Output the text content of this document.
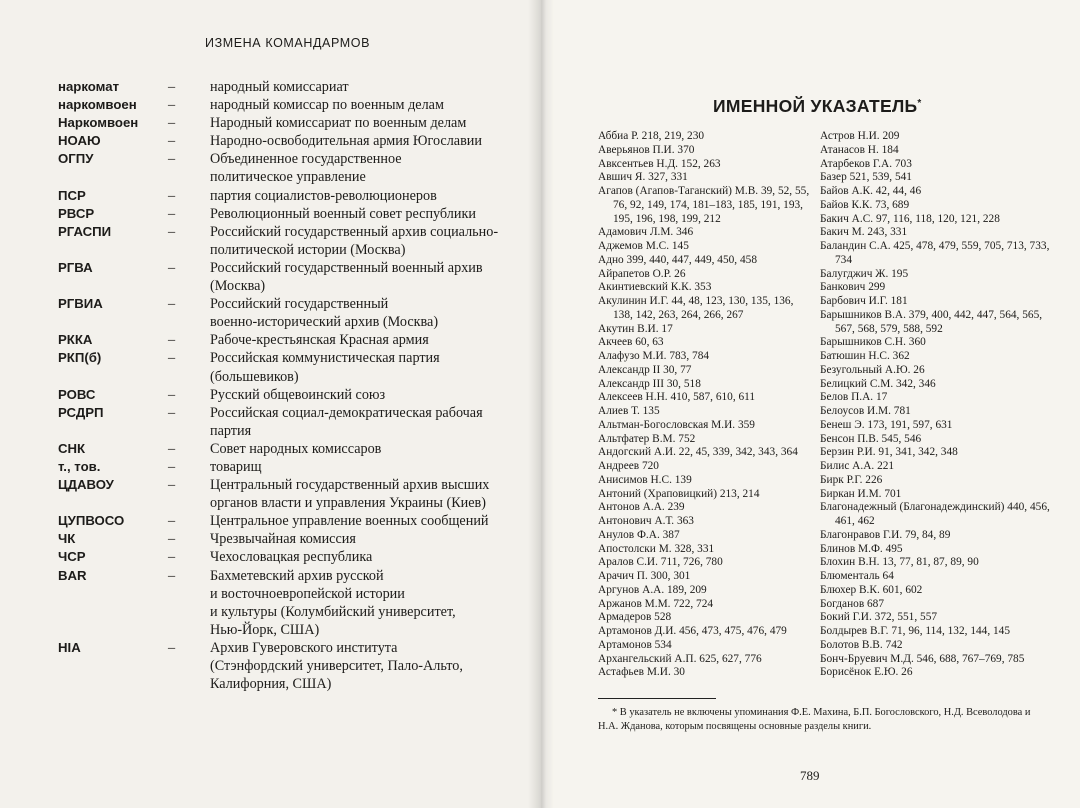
ИЗМЕНА КОМАНДАРМОВ
наркомат	–	народный комиссариат
наркомвоен	–	народный комиссар по военным делам
Наркомвоен	–	Народный комиссариат по военным делам
НОАЮ	–	Народно-освободительная армия Югославии
ОГПУ	–	Объединенное государственное
политическое управление
ПСР	–	партия социалистов-революционеров
РВСР	–	Революционный военный совет республики
РГАСПИ	–	Российский государственный архив социально-
политической истории (Москва)
РГВА	–	Российский государственный военный архив
(Москва)
РГВИА	–	Российский государственный
военно-исторический архив (Москва)
РККА	–	Рабоче-крестьянская Красная армия
РКП(б)	–	Российская коммунистическая партия
(большевиков)
РОВС	–	Русский общевоинский союз
РСДРП	–	Российская социал-демократическая рабочая
партия
СНК	–	Совет народных комиссаров
т., тов.	–	товарищ
ЦДАВОУ	–	Центральный государственный архив высших
органов власти и управления Украины (Киев)
ЦУПВОСО	–	Центральное управление военных сообщений
ЧК	–	Чрезвычайная комиссия
ЧСР	–	Чехословацкая республика
BAR	–	Бахметевский архив русской
и восточноевропейской истории
и культуры (Колумбийский университет,
Нью-Йорк, США)
HIA	–	Архив Гуверовского института
(Стэнфордский университет, Пало-Альто,
Калифорния, США)
ИМЕННОЙ УКАЗАТЕЛЬ*
Аббиа Р. 218, 219, 230
Аверьянов П.И. 370
Авксентьев Н.Д. 152, 263
Авшич Я. 327, 331
Агапов (Агапов-Таганский) М.В. 39, 52, 55, 76, 92, 149, 174, 181–183, 185, 191, 193, 195, 196, 198, 199, 212
Адамович Л.М. 346
Аджемов М.С. 145
Адно 399, 440, 447, 449, 450, 458
Айрапетов О.Р. 26
Акинтиевский К.К. 353
Акулинин И.Г. 44, 48, 123, 130, 135, 136, 138, 142, 263, 264, 266, 267
Акутин В.И. 17
Акчеев 60, 63
Алафузо М.И. 783, 784
Александр II 30, 77
Александр III 30, 518
Алексеев Н.Н. 410, 587, 610, 611
Алиев Т. 135
Альтман-Богословская М.И. 359
Альтфатер В.М. 752
Андогский А.И. 22, 45, 339, 342, 343, 364
Андреев 720
Анисимов Н.С. 139
Антоний (Храповицкий) 213, 214
Антонов А.А. 239
Антонович А.Т. 363
Анулов Ф.А. 387
Апостолски М. 328, 331
Аралов С.И. 711, 726, 780
Арачич П. 300, 301
Аргунов А.А. 189, 209
Аржанов М.М. 722, 724
Армадеров 528
Артамонов Д.И. 456, 473, 475, 476, 479
Артамонов 534
Архангельский А.П. 625, 627, 776
Астафьев М.И. 30
Астров Н.И. 209
Атанасов Н. 184
Атарбеков Г.А. 703
Базер 521, 539, 541
Байов А.К. 42, 44, 46
Байов К.К. 73, 689
Бакич А.С. 97, 116, 118, 120, 121, 228
Бакич М. 243, 331
Баландин С.А. 425, 478, 479, 559, 705, 713, 733, 734
Балугджич Ж. 195
Банкович 299
Барбович И.Г. 181
Барышников В.А. 379, 400, 442, 447, 564, 565, 567, 568, 579, 588, 592
Барышников С.Н. 360
Батюшин Н.С. 362
Безугольный А.Ю. 26
Белицкий С.М. 342, 346
Белов П.А. 17
Белоусов И.М. 781
Бенеш Э. 173, 191, 597, 631
Бенсон П.В. 545, 546
Берзин Р.И. 91, 341, 342, 348
Билис А.А. 221
Бирк Р.Г. 226
Биркан И.М. 701
Благонадежный (Благонадеждинский) 440, 456, 461, 462
Благонравов Г.И. 79, 84, 89
Блинов М.Ф. 495
Блохин В.Н. 13, 77, 81, 87, 89, 90
Блюменталь 64
Блюхер В.К. 601, 602
Богданов 687
Бокий Г.И. 372, 551, 557
Болдырев В.Г. 71, 96, 114, 132, 144, 145
Болотов В.В. 742
Бонч-Бруевич М.Д. 546, 688, 767–769, 785
Борисёнок Е.Ю. 26
* В указатель не включены упоминания Ф.Е. Махина, Б.П. Богословского, Н.Д. Всеволодова и Н.А. Жданова, которым посвящены основные разделы книги.
789
